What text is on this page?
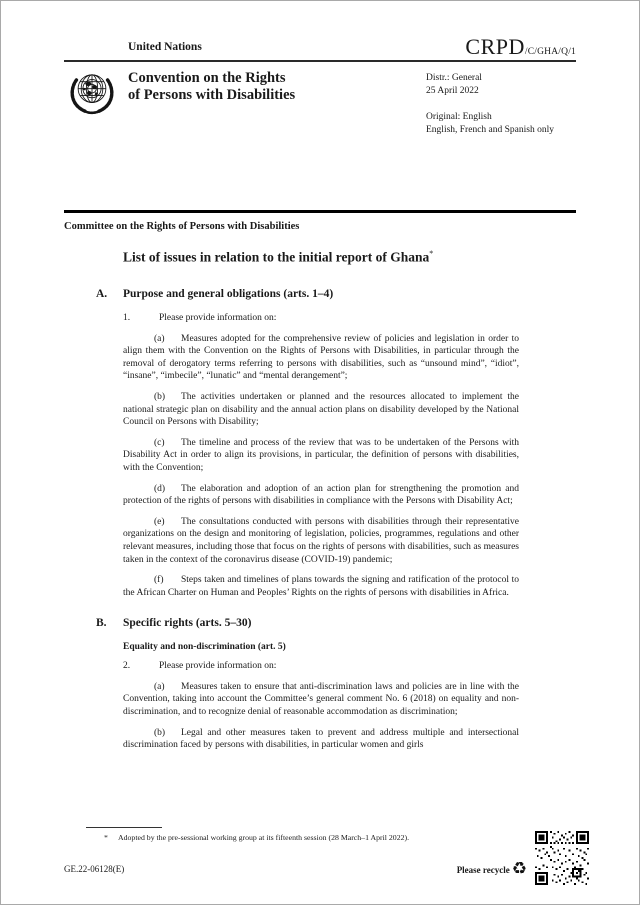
United Nations	CRPD /C/GHA/Q/1
Convention on the Rights
of Persons with Disabilities
Distr.: General
25 April 2022
Original: English
English, French and Spanish only
Committee on the Rights of Persons with Disabilities
List of issues in relation to the initial report of Ghana*
A. Purpose and general obligations (arts. 1–4)

1.	Please provide information on:

(a) Measures adopted for the comprehensive review of policies and legislation in order to align them with the Convention on the Rights of Persons with Disabilities, in particular through the removal of derogatory terms referring to persons with disabilities, such as “unsound mind”, “idiot”, “insane”, “imbecile”, “lunatic” and “mental derangement”;

(b) The activities undertaken or planned and the resources allocated to implement the national strategic plan on disability and the annual action plans on disability developed by the National Council on Persons with Disability;

(c) The timeline and process of the review that was to be undertaken of the Persons with Disability Act in order to align its provisions, in particular, the definition of persons with disabilities, with the Convention;

(d) The elaboration and adoption of an action plan for strengthening the promotion and protection of the rights of persons with disabilities in compliance with the Persons with Disability Act;

(e) The consultations conducted with persons with disabilities through their representative organizations on the design and monitoring of legislation, policies, programmes, regulations and other relevant measures, including those that focus on the rights of persons with disabilities, such as measures taken in the context of the coronavirus disease (COVID-19) pandemic;

(f) Steps taken and timelines of plans towards the signing and ratification of the protocol to the African Charter on Human and Peoples’ Rights on the rights of persons with disabilities in Africa.

B. Specific rights (arts. 5–30)
Equality and non-discrimination (art. 5)

2.	Please provide information on:

(a) Measures taken to ensure that anti-discrimination laws and policies are in line with the Convention, taking into account the Committee’s general comment No. 6 (2018) on equality and non-discrimination, and to recognize denial of reasonable accommodation as discrimination;

(b) Legal and other measures taken to prevent and address multiple and intersectional discrimination faced by persons with disabilities, in particular women and girls

* Adopted by the pre-sessional working group at its fifteenth session (28 March–1 April 2022).
GE.22-06128(E)	Please recycle ♻
